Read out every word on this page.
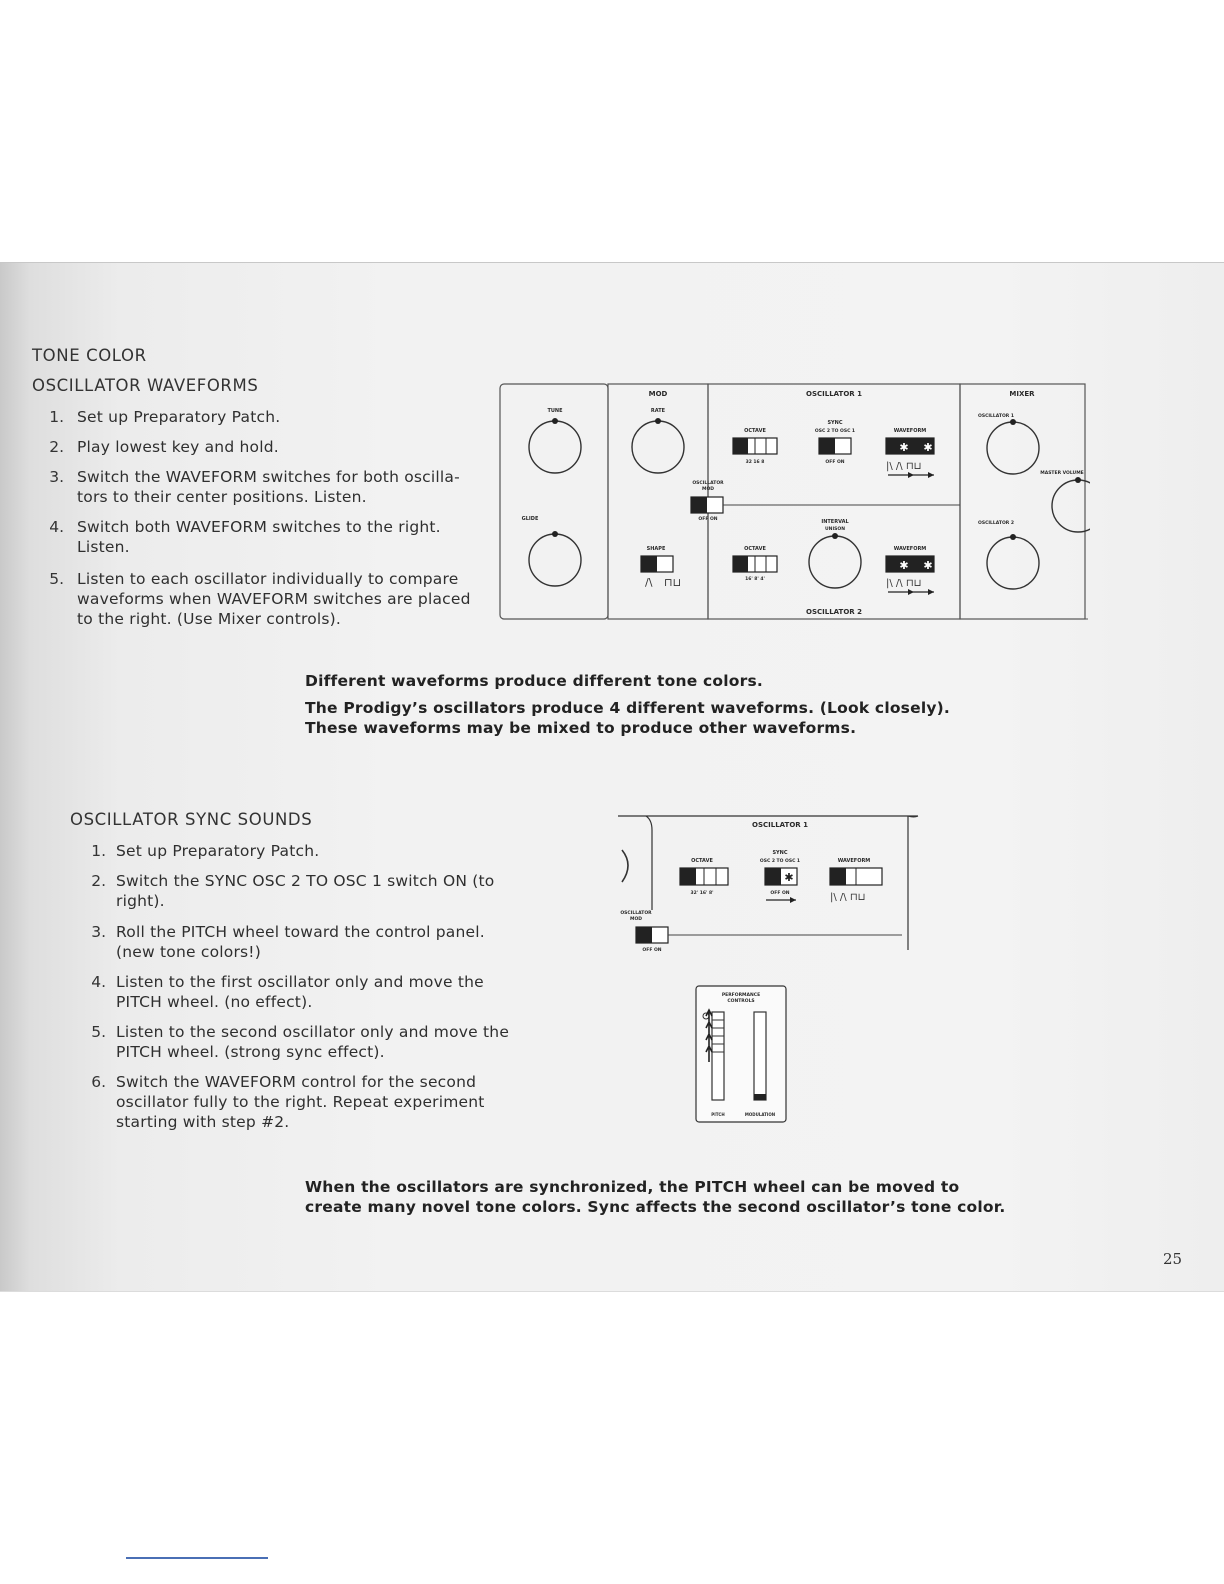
TONE COLOR
OSCILLATOR WAVEFORMS
1. Set up Preparatory Patch.
2. Play lowest key and hold.
3. Switch the WAVEFORM switches for both oscilla-
tors to their center positions. Listen.
4. Switch both WAVEFORM switches to the right.
Listen.
5. Listen to each oscillator individually to compare
waveforms when WAVEFORM switches are placed
to the right. (Use Mixer controls).
MOD	OSCILLATOR 1	MIXER
TUNE	RATE
GLIDE
SHAPE
/\ ⊓⊔
OSCILLATOR
MOD
OFF ON
OCTAVE
32 16 8
SYNC
OSC 2 TO OSC 1
OFF ON
WAVEFORM
✱ ✱
|\ /\ ⊓⊔
OCTAVE
16' 8' 4'
INTERVAL
UNISON
WAVEFORM
✱ ✱
|\ /\ ⊓⊔
OSCILLATOR 2
OSCILLATOR 1
MASTER VOLUME
OSCILLATOR 2
Different waveforms produce different tone colors.
The Prodigy’s oscillators produce 4 different waveforms. (Look closely).
These waveforms may be mixed to produce other waveforms.
OSCILLATOR SYNC SOUNDS
1. Set up Preparatory Patch.
2. Switch the SYNC OSC 2 TO OSC 1 switch ON (to
right).
3. Roll the PITCH wheel toward the control panel.
(new tone colors!)
4. Listen to the first oscillator only and move the
PITCH wheel. (no effect).
5. Listen to the second oscillator only and move the
PITCH wheel. (strong sync effect).
6. Switch the WAVEFORM control for the second
oscillator fully to the right. Repeat experiment
starting with step #2.
OSCILLATOR 1
OCTAVE
32' 16' 8'
SYNC
OSC 2 TO OSC 1
✱
OFF ON
WAVEFORM
|\ /\ ⊓⊔
OSCILLATOR
MOD
OFF ON
PERFORMANCE
CONTROLS
PITCH	MODULATION
When the oscillators are synchronized, the PITCH wheel can be moved to
create many novel tone colors. Sync affects the second oscillator’s tone color.
25
